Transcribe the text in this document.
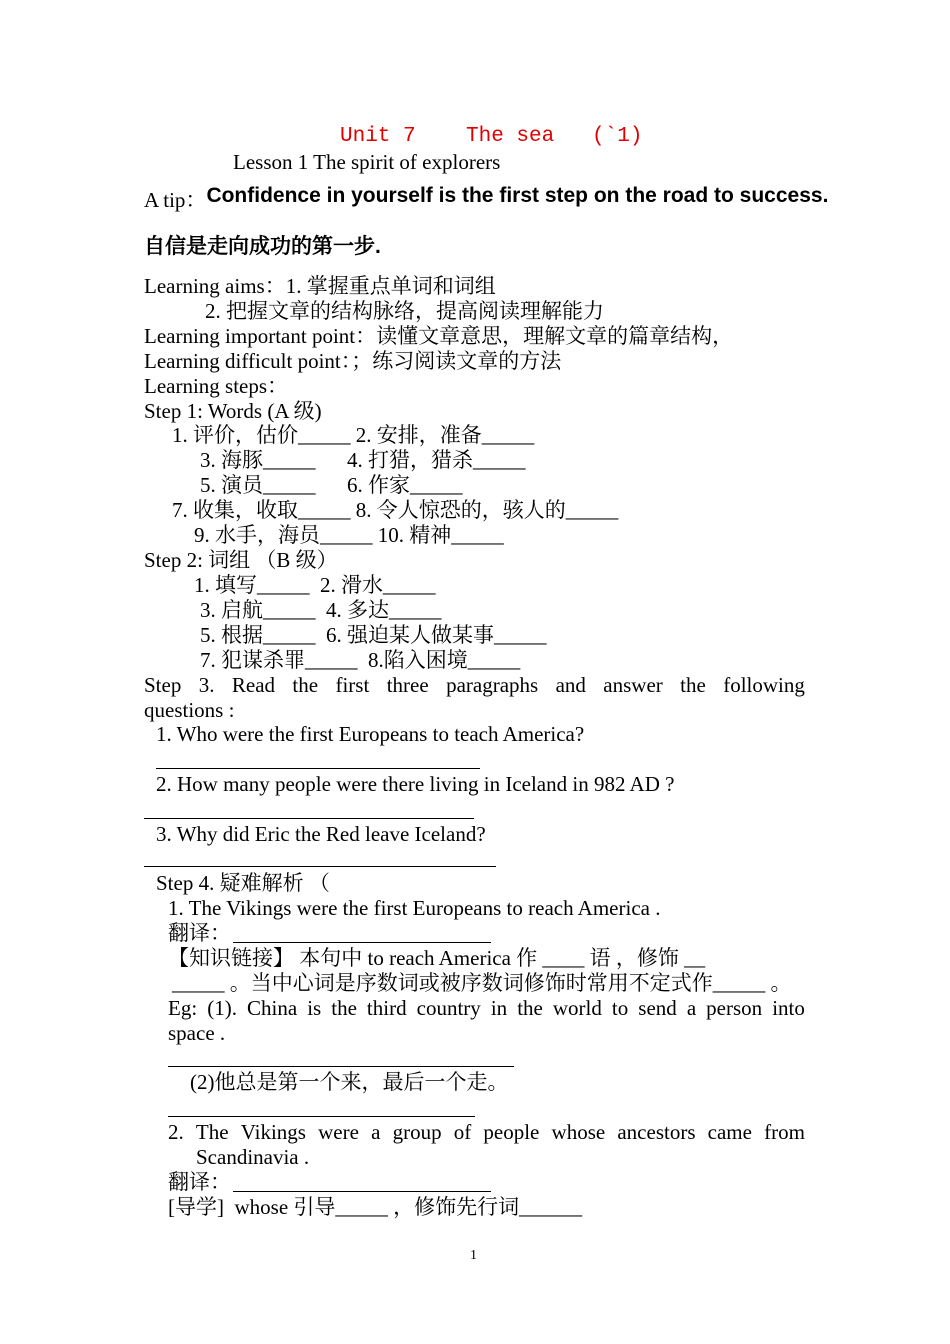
Unit 7    The sea   (`1)
Lesson 1 The spirit of explorers
A tip：Confidence in yourself is the first step on the road to success.
自信是走向成功的第一步.
Learning aims：1. 掌握重点单词和词组
2. 把握文章的结构脉络，提高阅读理解能力
Learning important point：读懂文章意思，理解文章的篇章结构，
Learning difficult point：；练习阅读文章的方法
Learning steps：
Step 1: Words (A 级)
1. 评价，估价_____ 2. 安排，准备_____
3. 海豚_____      4. 打猎，猎杀_____
5. 演员_____      6. 作家_____
7. 收集，收取_____ 8. 令人惊恐的，骇人的_____
9. 水手，海员_____ 10. 精神_____
Step 2: 词组 （B 级）
1. 填写_____  2. 滑水_____
3. 启航_____  4. 多达_____
5. 根据_____  6. 强迫某人做某事_____
7. 犯谋杀罪_____  8.陷入困境_____
Step 3. Read the first three paragraphs and answer the following
questions :
1. Who were the first Europeans to teach America?
2. How many people were there living in Iceland in 982 AD ?
3. Why did Eric the Red leave Iceland?
Step 4. 疑难解析 （
1. The Vikings were the first Europeans to reach America .
翻译：
【知识链接】 本句中 to reach America 作 ____ 语 ，修饰 __
_____ 。当中心词是序数词或被序数词修饰时常用不定式作_____ 。
Eg: (1). China is the third country in the world to send a person into
space .
(2)他总是第一个来，最后一个走。
2. The Vikings were a group of people whose ancestors came from
Scandinavia .
翻译：
[导学]  whose 引导_____ ，修饰先行词______
1
